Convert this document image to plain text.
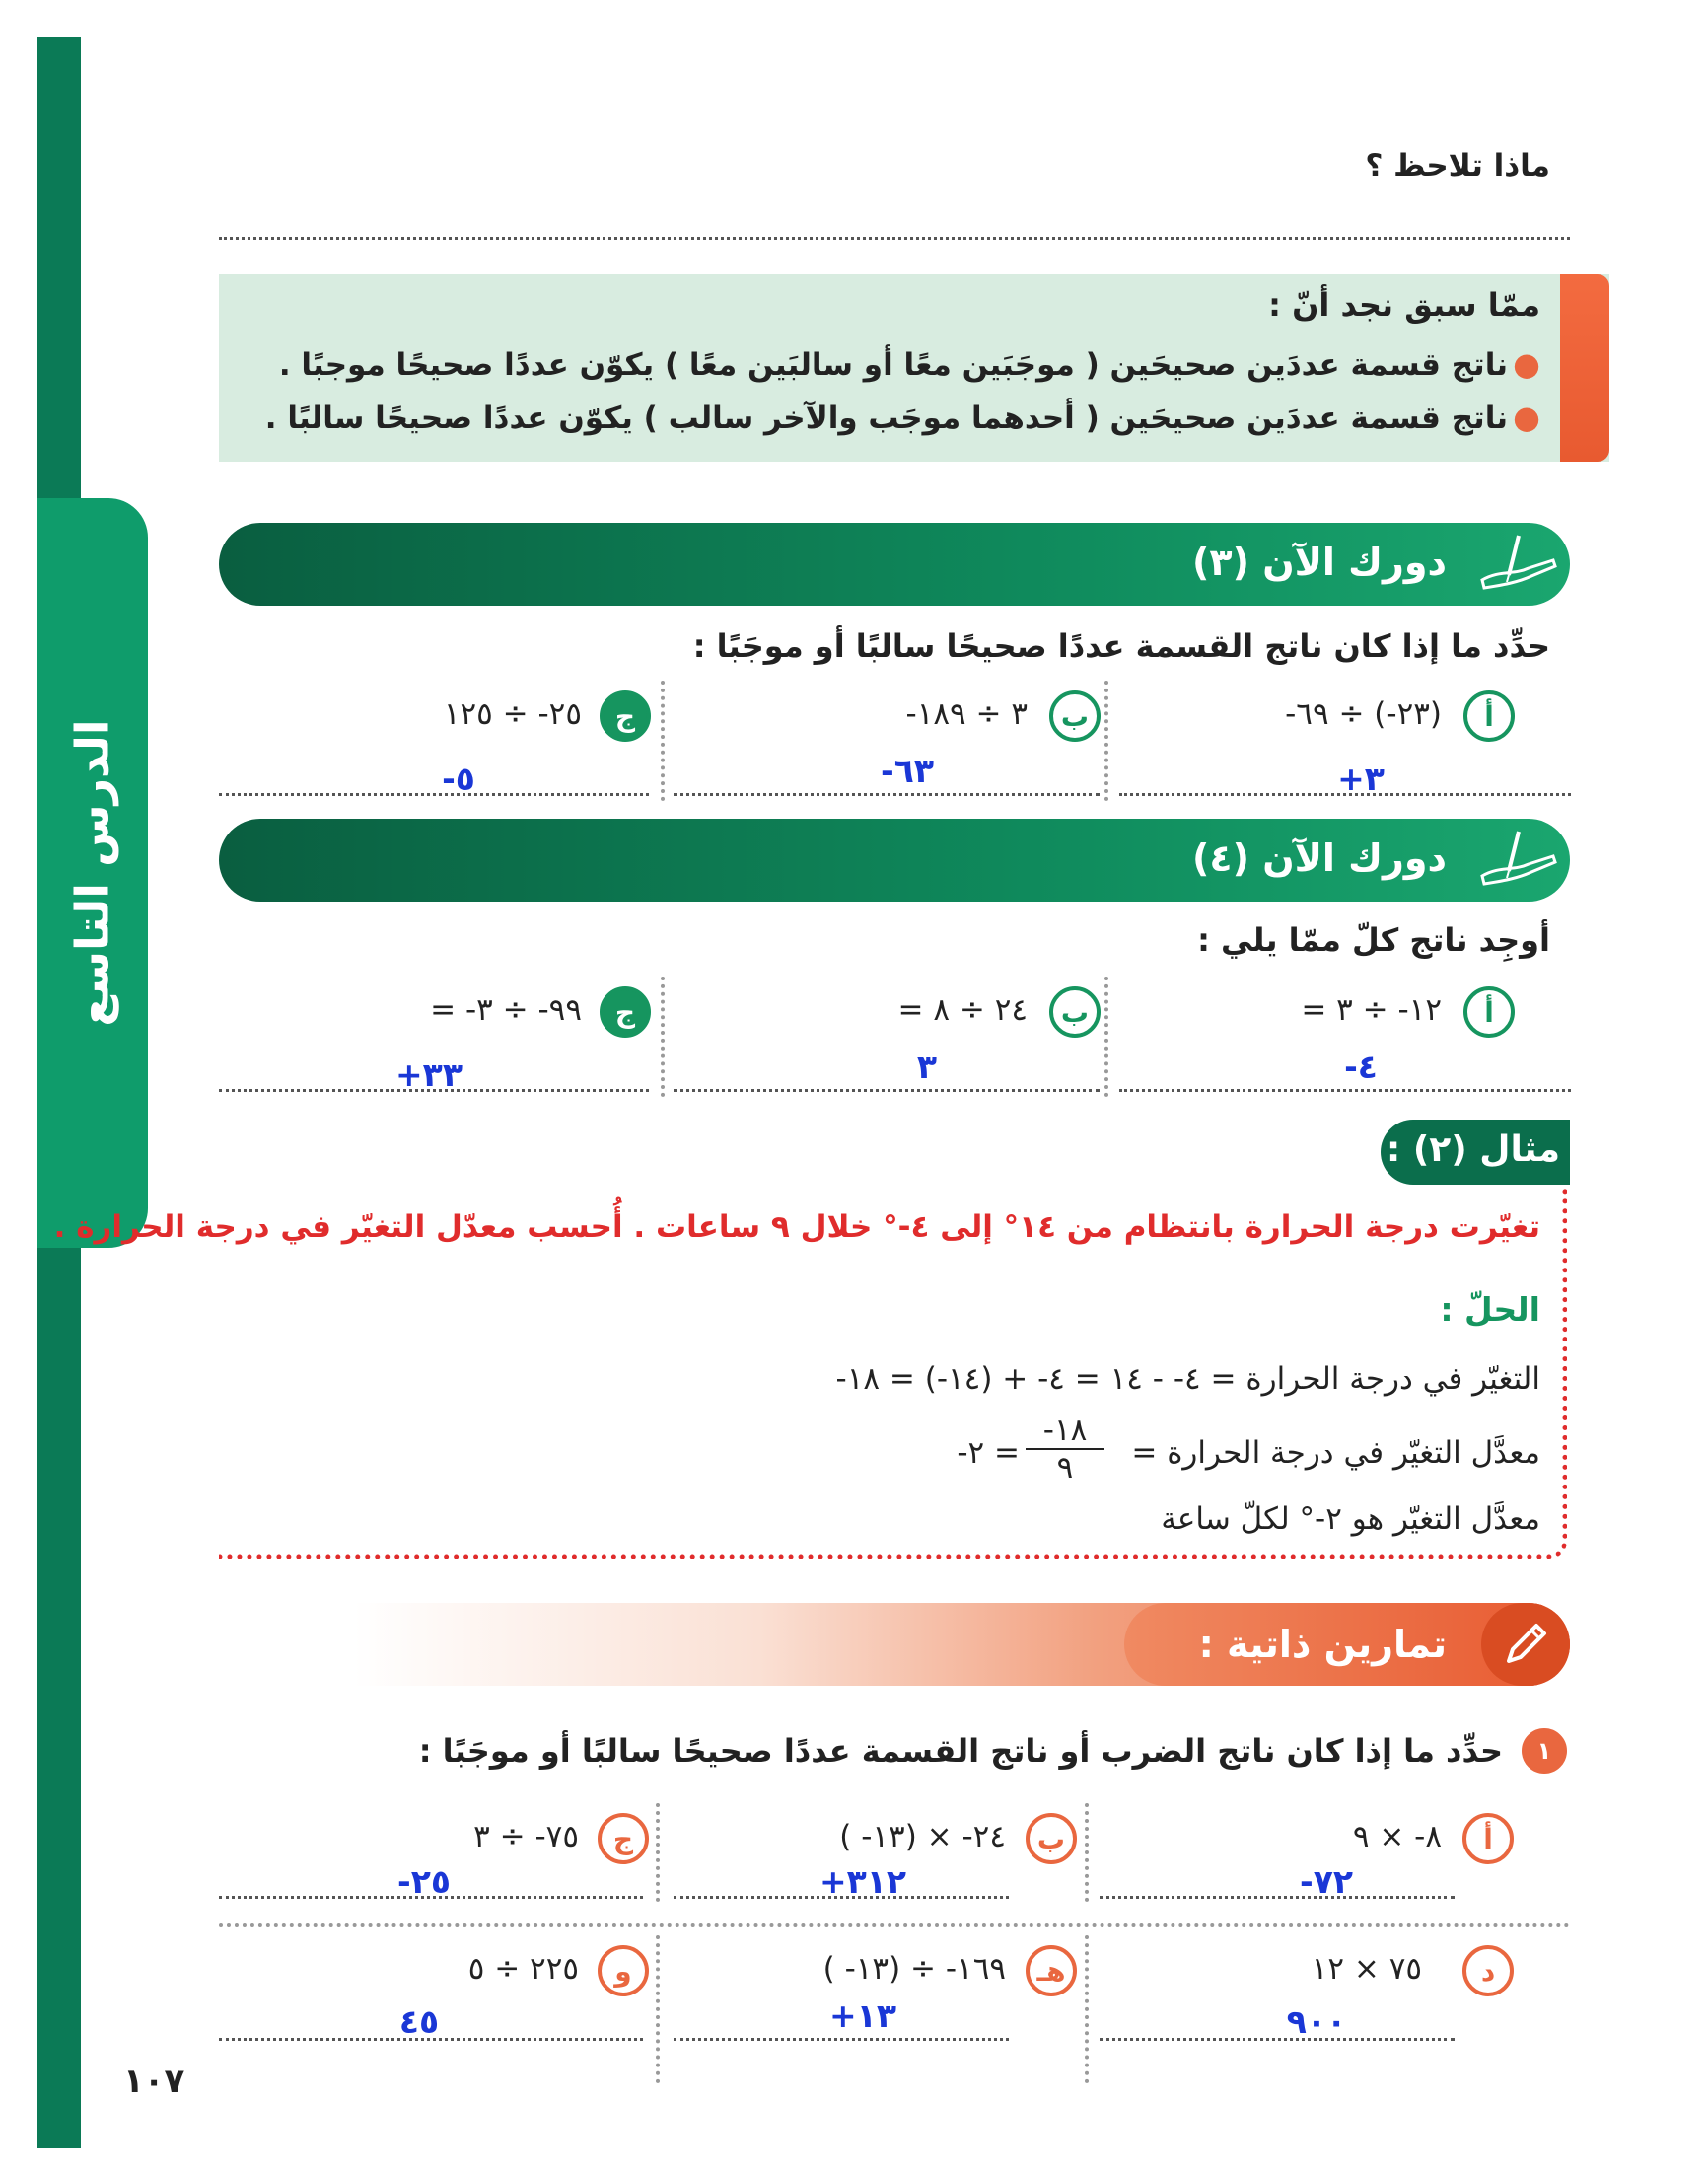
الدرس التاسع
ماذا تلاحظ ؟
ممّا سبق نجد أنّ :
● ناتج قسمة عددَين صحيحَين ( موجَبَين معًا أو سالبَين معًا ) يكوّن عددًا صحيحًا موجبًا .
● ناتج قسمة عددَين صحيحَين ( أحدهما موجَب والآخر سالب ) يكوّن عددًا صحيحًا سالبًا .
دورك الآن (٣)
حدِّد ما إذا كان ناتج القسمة عددًا صحيحًا سالبًا أو موجَبًا :
أ
‎(‎-‎٢٣) ÷ ‎-‎٦٩
+٣
ب
٣ ÷ ‎-‎١٨٩
-٦٣
ج
‎-‎٢٥ ÷ ١٢٥
-٥
دورك الآن (٤)
أوجِد ناتج كلّ ممّا يلي :
أ
‎-‎١٢ ÷ ٣ =
-٤
ب
٢٤ ÷ ٨ =
٣
ج
‎-‎٩٩ ÷ ‎-‎٣ =
+٣٣
مثال (٢) :
تغيّرت درجة الحرارة بانتظام من ١٤° إلى ‎-‎٤° خلال ٩ ساعات . أُحسب معدّل التغيّر في درجة الحرارة .
الحلّ :
التغيّر في درجة الحرارة = ‎-‎٤ - ١٤ = ‎-‎٤ + (‎-‎١٤) = ‎-‎١٨
معدَّل التغيّر في درجة الحرارة =
‎-‎١٨
٩
= ‎-‎٢
معدَّل التغيّر هو ‎-‎٢° لكلّ ساعة
تمارين ذاتية :
١
حدِّد ما إذا كان ناتج الضرب أو ناتج القسمة عددًا صحيحًا سالبًا أو موجَبًا :
أ
‎-‎٨ × ٩
-٧٢
ب
‎-‎٢٤ × (‎-‎١٣ )
+٣١٢
ج
‎-‎٧٥ ÷ ٣
-٢٥
د
٧٥ × ١٢
٩٠٠
هـ
‎-‎١٦٩ ÷ (‎-‎١٣ )
+١٣
و
٢٢٥ ÷ ٥
٤٥
١٠٧
